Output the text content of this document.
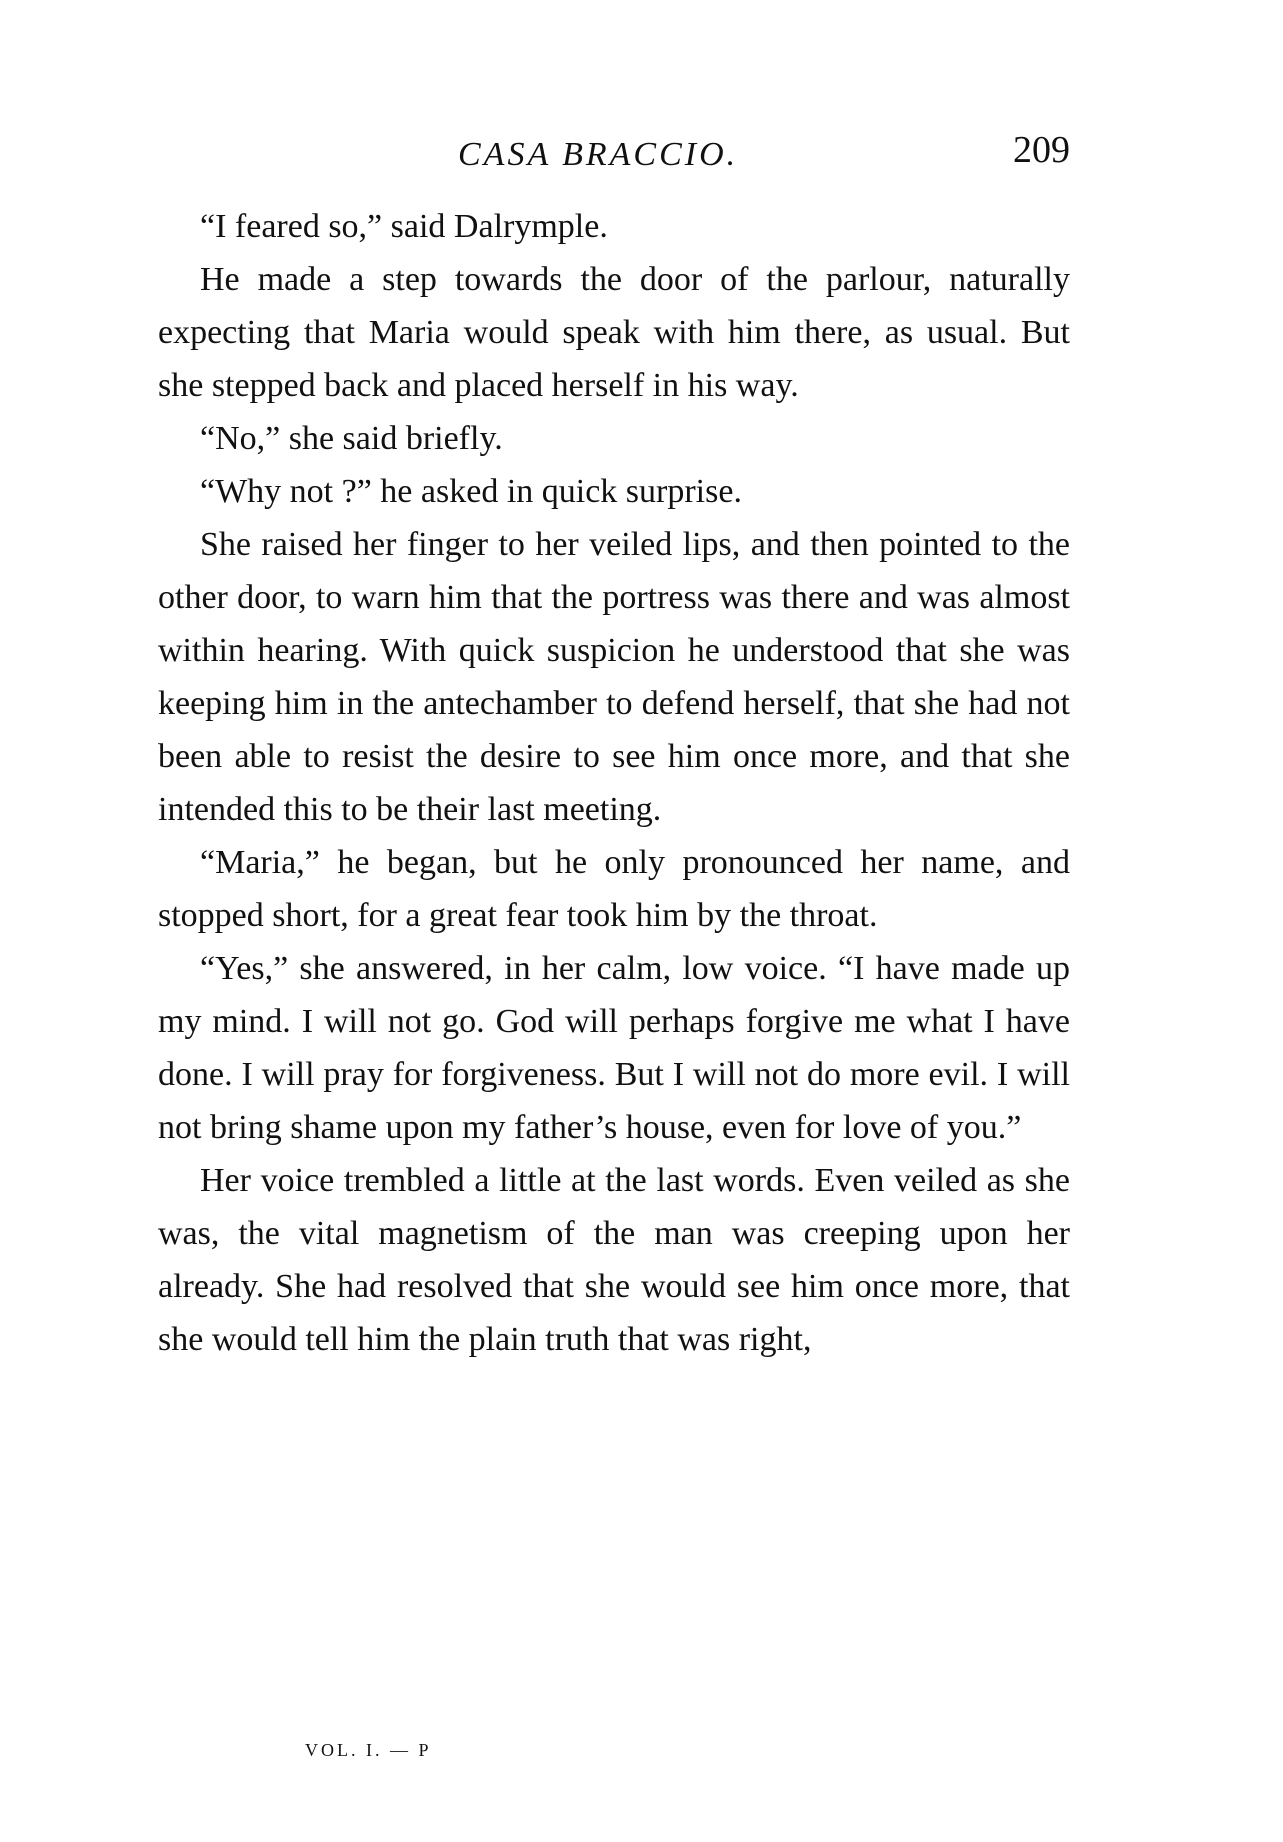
CASA BRACCIO.	209

“I feared so,” said Dalrymple.

He made a step towards the door of the parlour, naturally expecting that Maria would speak with him there, as usual. But she stepped back and placed herself in his way.

“No,” she said briefly.

“Why not ?” he asked in quick surprise.

She raised her finger to her veiled lips, and then pointed to the other door, to warn him that the portress was there and was almost within hearing. With quick suspicion he understood that she was keeping him in the antechamber to defend herself, that she had not been able to resist the desire to see him once more, and that she intended this to be their last meeting.

“Maria,” he began, but he only pronounced her name, and stopped short, for a great fear took him by the throat.

“Yes,” she answered, in her calm, low voice. “I have made up my mind. I will not go. God will perhaps forgive me what I have done. I will pray for forgiveness. But I will not do more evil. I will not bring shame upon my father’s house, even for love of you.”

Her voice trembled a little at the last words. Even veiled as she was, the vital magnetism of the man was creeping upon her already. She had resolved that she would see him once more, that she would tell him the plain truth that was right,

VOL. I. — P
